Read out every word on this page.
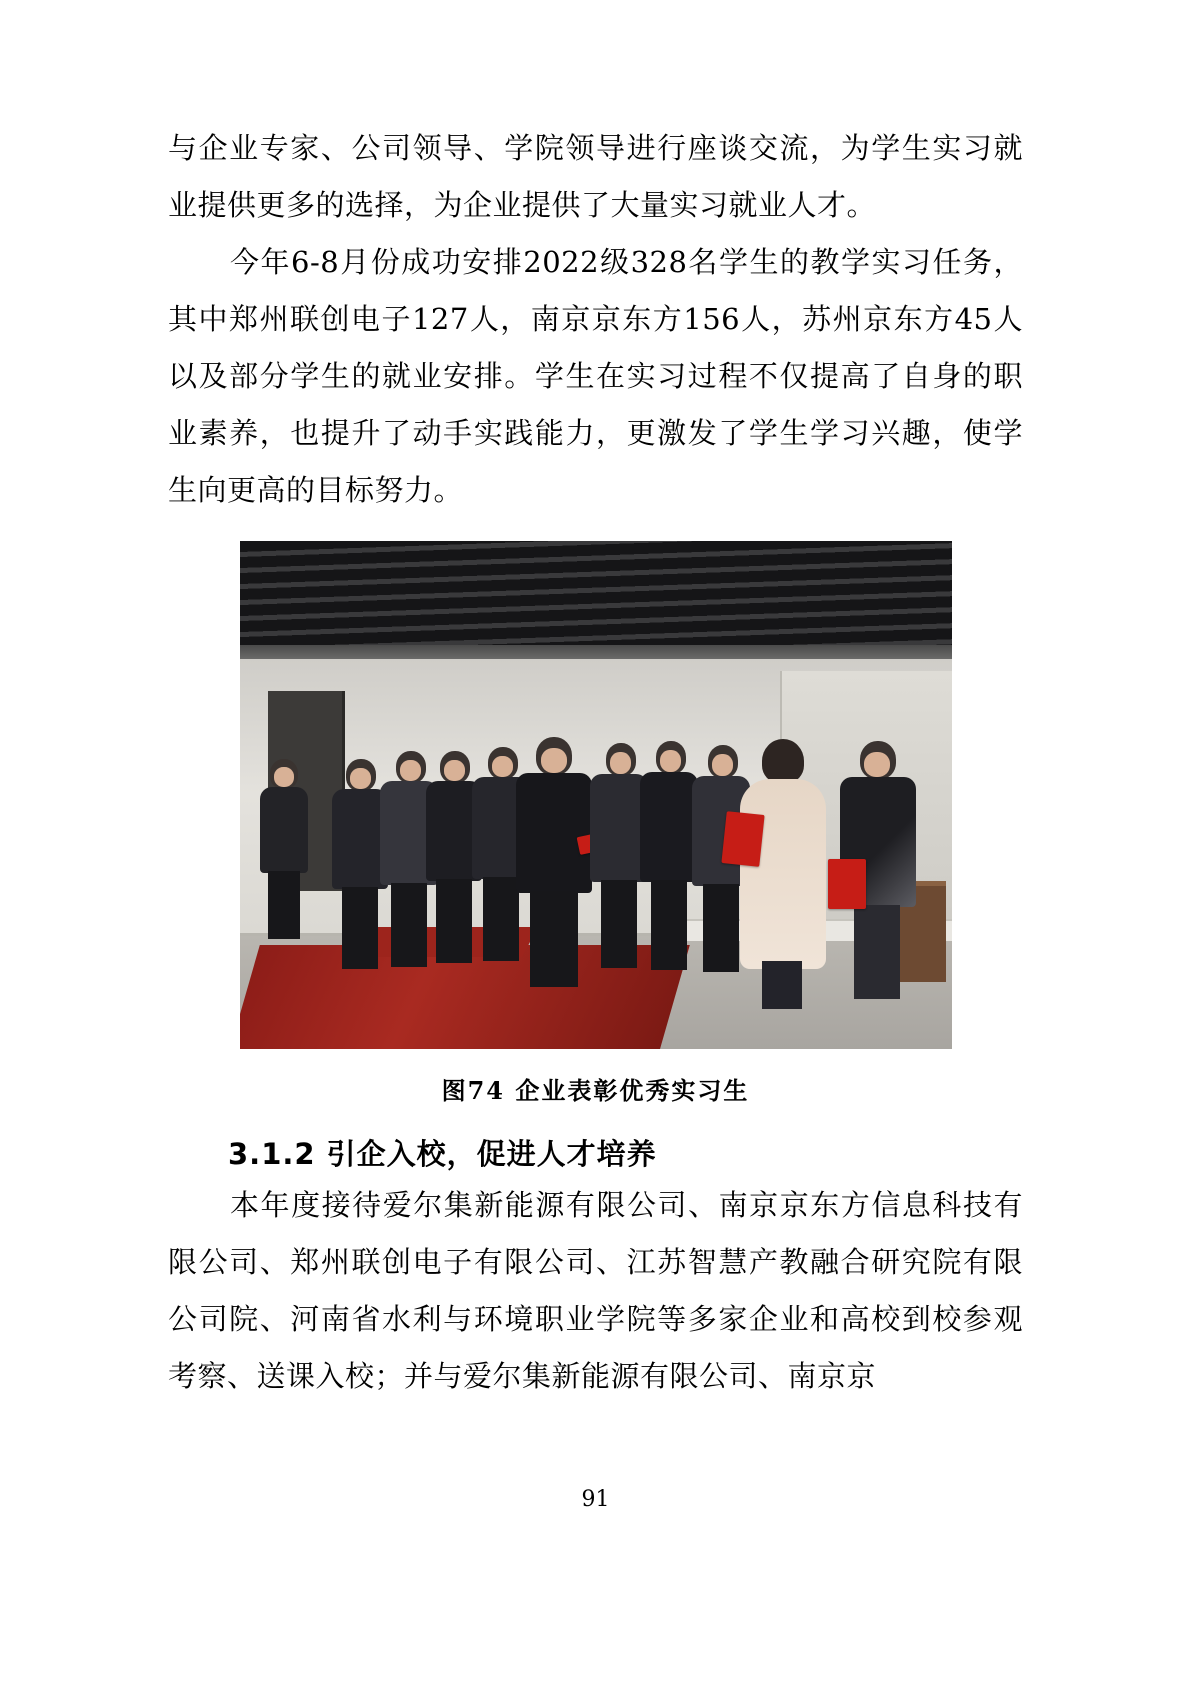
与企业专家、公司领导、学院领导进行座谈交流，为学生实习就业提供更多的选择，为企业提供了大量实习就业人才。

今年6-8月份成功安排2022级328名学生的教学实习任务，其中郑州联创电子127人，南京京东方156人，苏州京东方45人以及部分学生的就业安排。学生在实习过程不仅提高了自身的职业素养，也提升了动手实践能力，更激发了学生学习兴趣，使学生向更高的目标努力。

图74 企业表彰优秀实习生
3.1.2 引企入校，促进人才培养

本年度接待爱尔集新能源有限公司、南京京东方信息科技有限公司、郑州联创电子有限公司、江苏智慧产教融合研究院有限公司院、河南省水利与环境职业学院等多家企业和高校到校参观考察、送课入校；并与爱尔集新能源有限公司、南京京

91
